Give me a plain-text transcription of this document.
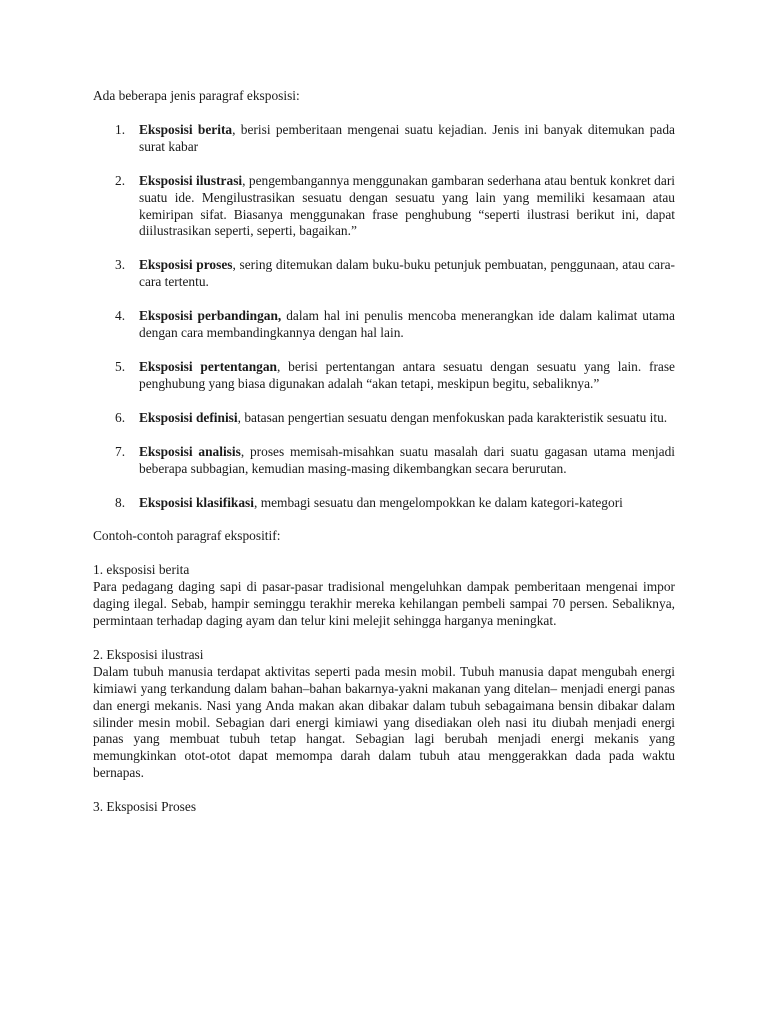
Ada beberapa jenis paragraf eksposisi:

1. Eksposisi berita, berisi pemberitaan mengenai suatu kejadian. Jenis ini banyak ditemukan pada surat kabar
2. Eksposisi ilustrasi, pengembangannya menggunakan gambaran sederhana atau bentuk konkret dari suatu ide. Mengilustrasikan sesuatu dengan sesuatu yang lain yang memiliki kesamaan atau kemiripan sifat. Biasanya menggunakan frase penghubung “seperti ilustrasi berikut ini, dapat diilustrasikan seperti, seperti, bagaikan.”
3. Eksposisi proses, sering ditemukan dalam buku-buku petunjuk pembuatan, penggunaan, atau cara-cara tertentu.
4. Eksposisi perbandingan, dalam hal ini penulis mencoba menerangkan ide dalam kalimat utama dengan cara membandingkannya dengan hal lain.
5. Eksposisi pertentangan, berisi pertentangan antara sesuatu dengan sesuatu yang lain. frase penghubung yang biasa digunakan adalah “akan tetapi, meskipun begitu, sebaliknya.”
6. Eksposisi definisi, batasan pengertian sesuatu dengan menfokuskan pada karakteristik sesuatu itu.
7. Eksposisi analisis, proses memisah-misahkan suatu masalah dari suatu gagasan utama menjadi beberapa subbagian, kemudian masing-masing dikembangkan secara berurutan.
8. Eksposisi klasifikasi, membagi sesuatu dan mengelompokkan ke dalam kategori-kategori

Contoh-contoh paragraf ekspositif:

1. eksposisi berita

Para pedagang daging sapi di pasar-pasar tradisional mengeluhkan dampak pemberitaan mengenai impor daging ilegal. Sebab, hampir seminggu terakhir mereka kehilangan pembeli sampai 70 persen. Sebaliknya, permintaan terhadap daging ayam dan telur kini melejit sehingga harganya meningkat.

2. Eksposisi ilustrasi

Dalam tubuh manusia terdapat aktivitas seperti pada mesin mobil. Tubuh manusia dapat mengubah energi kimiawi yang terkandung dalam bahan–bahan bakarnya-yakni makanan yang ditelan– menjadi energi panas dan energi mekanis. Nasi yang Anda makan akan dibakar dalam tubuh sebagaimana bensin dibakar dalam silinder mesin mobil. Sebagian dari energi kimiawi yang disediakan oleh nasi itu diubah menjadi energi panas yang membuat tubuh tetap hangat. Sebagian lagi berubah menjadi energi mekanis yang memungkinkan otot-otot dapat memompa darah dalam tubuh atau menggerakkan dada pada waktu bernapas.

3. Eksposisi Proses
